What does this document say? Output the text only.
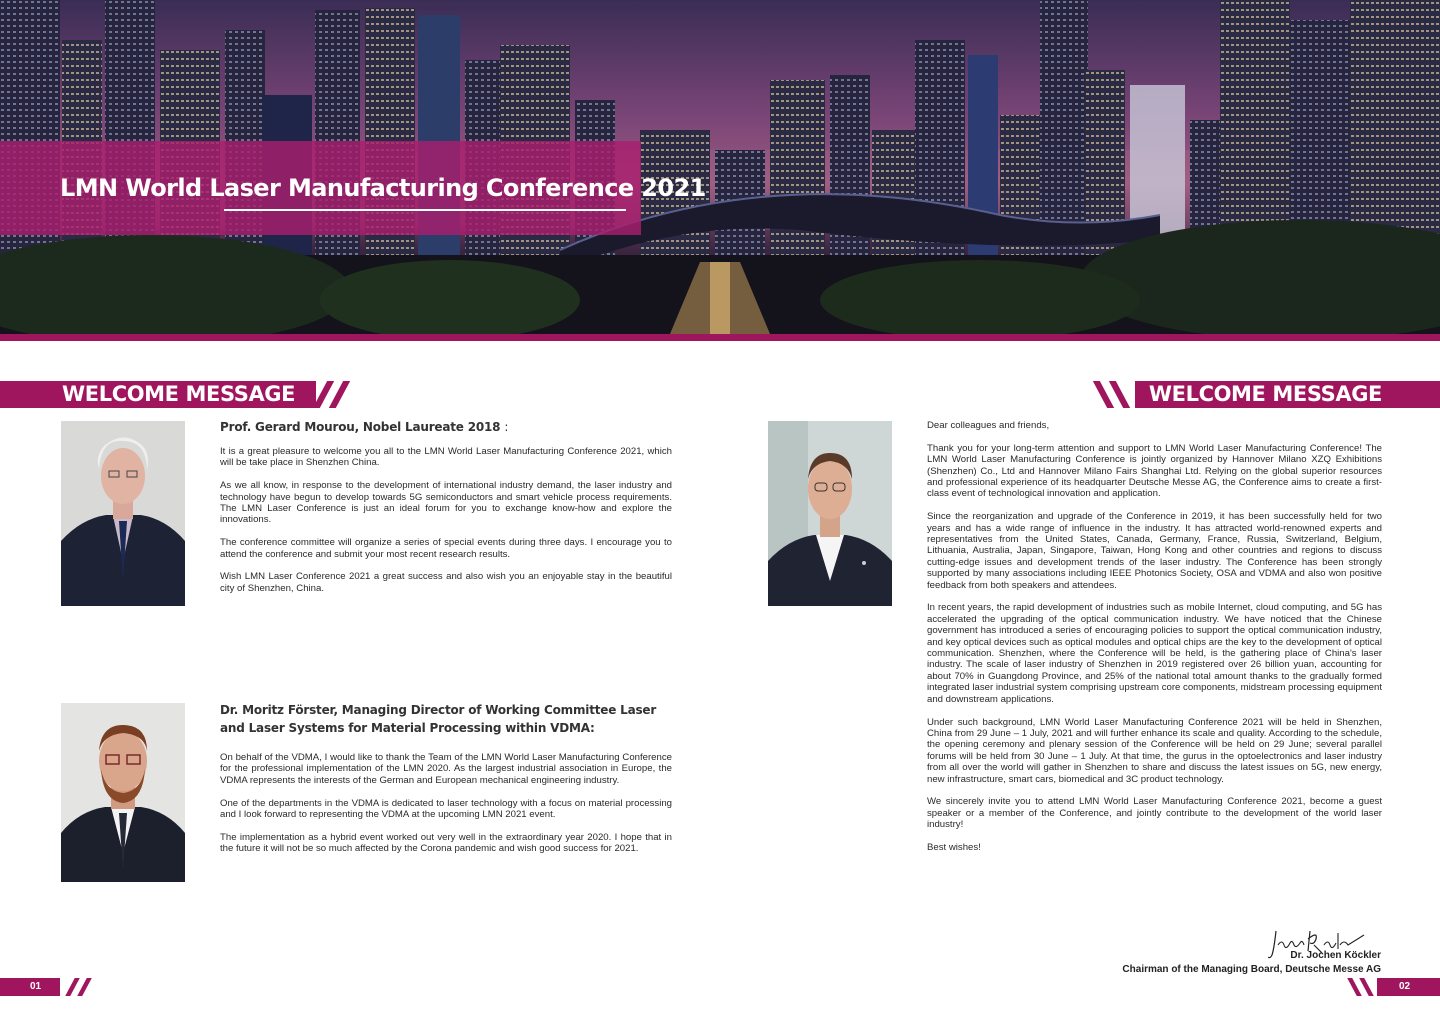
LMN World Laser Manufacturing Conference 2021
WELCOME MESSAGE	WELCOME MESSAGE
Prof. Gerard Mourou, Nobel Laureate 2018 :

It is a great pleasure to welcome you all to the LMN World Laser Manufacturing Conference 2021, which will be take place in Shenzhen China.

As we all know, in response to the development of international industry demand, the laser industry and technology have begun to develop towards 5G semiconductors and smart vehicle process requirements. The LMN Laser Conference is just an ideal forum for you to exchange know-how and explore the innovations.

The conference committee will organize a series of special events during three days. I encourage you to attend the conference and submit your most recent research results.

Wish LMN Laser Conference 2021 a great success and also wish you an enjoyable stay in the beautiful city of Shenzhen, China.

Dr. Moritz Förster, Managing Director of Working Committee Laser
and Laser Systems for Material Processing within VDMA:

On behalf of the VDMA, I would like to thank the Team of the LMN World Laser Manufacturing Conference for the professional implementation of the LMN 2020. As the largest industrial association in Europe, the VDMA represents the interests of the German and European mechanical engineering industry.

One of the departments in the VDMA is dedicated to laser technology with a focus on material processing and I look forward to representing the VDMA at the upcoming LMN 2021 event.

The implementation as a hybrid event worked out very well in the extraordinary year 2020. I hope that in the future it will not be so much affected by the Corona pandemic and wish good success for 2021.

Dear colleagues and friends,

Thank you for your long-term attention and support to LMN World Laser Manufacturing Conference! The LMN World Laser Manufacturing Conference is jointly organized by Hannover Milano XZQ Exhibitions (Shenzhen) Co., Ltd and Hannover Milano Fairs Shanghai Ltd. Relying on the global superior resources and professional experience of its headquarter Deutsche Messe AG, the Conference aims to create a first-class event of technological innovation and application.

Since the reorganization and upgrade of the Conference in 2019, it has been successfully held for two years and has a wide range of influence in the industry. It has attracted world-renowned experts and representatives from the United States, Canada, Germany, France, Russia, Switzerland, Belgium, Lithuania, Australia, Japan, Singapore, Taiwan, Hong Kong and other countries and regions to discuss cutting-edge issues and development trends of the laser industry. The Conference has been strongly supported by many associations including IEEE Photonics Society, OSA and VDMA and also won positive feedback from both speakers and attendees.

In recent years, the rapid development of industries such as mobile Internet, cloud computing, and 5G has accelerated the upgrading of the optical communication industry. We have noticed that the Chinese government has introduced a series of encouraging policies to support the optical communication industry, and key optical devices such as optical modules and optical chips are the key to the development of optical communication. Shenzhen, where the Conference will be held, is the gathering place of China's laser industry. The scale of laser industry of Shenzhen in 2019 registered over 26 billion yuan, accounting for about 70% in Guangdong Province, and 25% of the national total amount thanks to the gradually formed integrated laser industrial system comprising upstream core components, midstream processing equipment and downstream applications.

Under such background, LMN World Laser Manufacturing Conference 2021 will be held in Shenzhen, China from 29 June – 1 July, 2021 and will further enhance its scale and quality. According to the schedule, the opening ceremony and plenary session of the Conference will be held on 29 June; several parallel forums will be held from 30 June – 1 July. At that time, the gurus in the optoelectronics and laser industry from all over the world will gather in Shenzhen to share and discuss the latest issues on 5G, new energy, new infrastructure, smart cars, biomedical and 3C product technology.

We sincerely invite you to attend LMN World Laser Manufacturing Conference 2021, become a guest speaker or a member of the Conference, and jointly contribute to the development of the world laser industry!

Best wishes!

Dr. Jochen Köckler
Chairman of the Managing Board, Deutsche Messe AG
01	02
